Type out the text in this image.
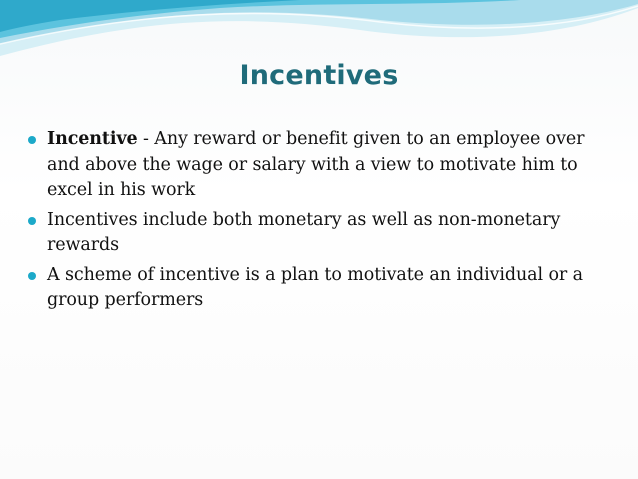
Incentives
Incentive - Any reward or benefit given to an employee over and above the wage or salary with a view to motivate him to excel in his work
Incentives include both monetary as well as non-monetary rewards
A scheme of incentive is a plan to motivate an individual or a group performers
